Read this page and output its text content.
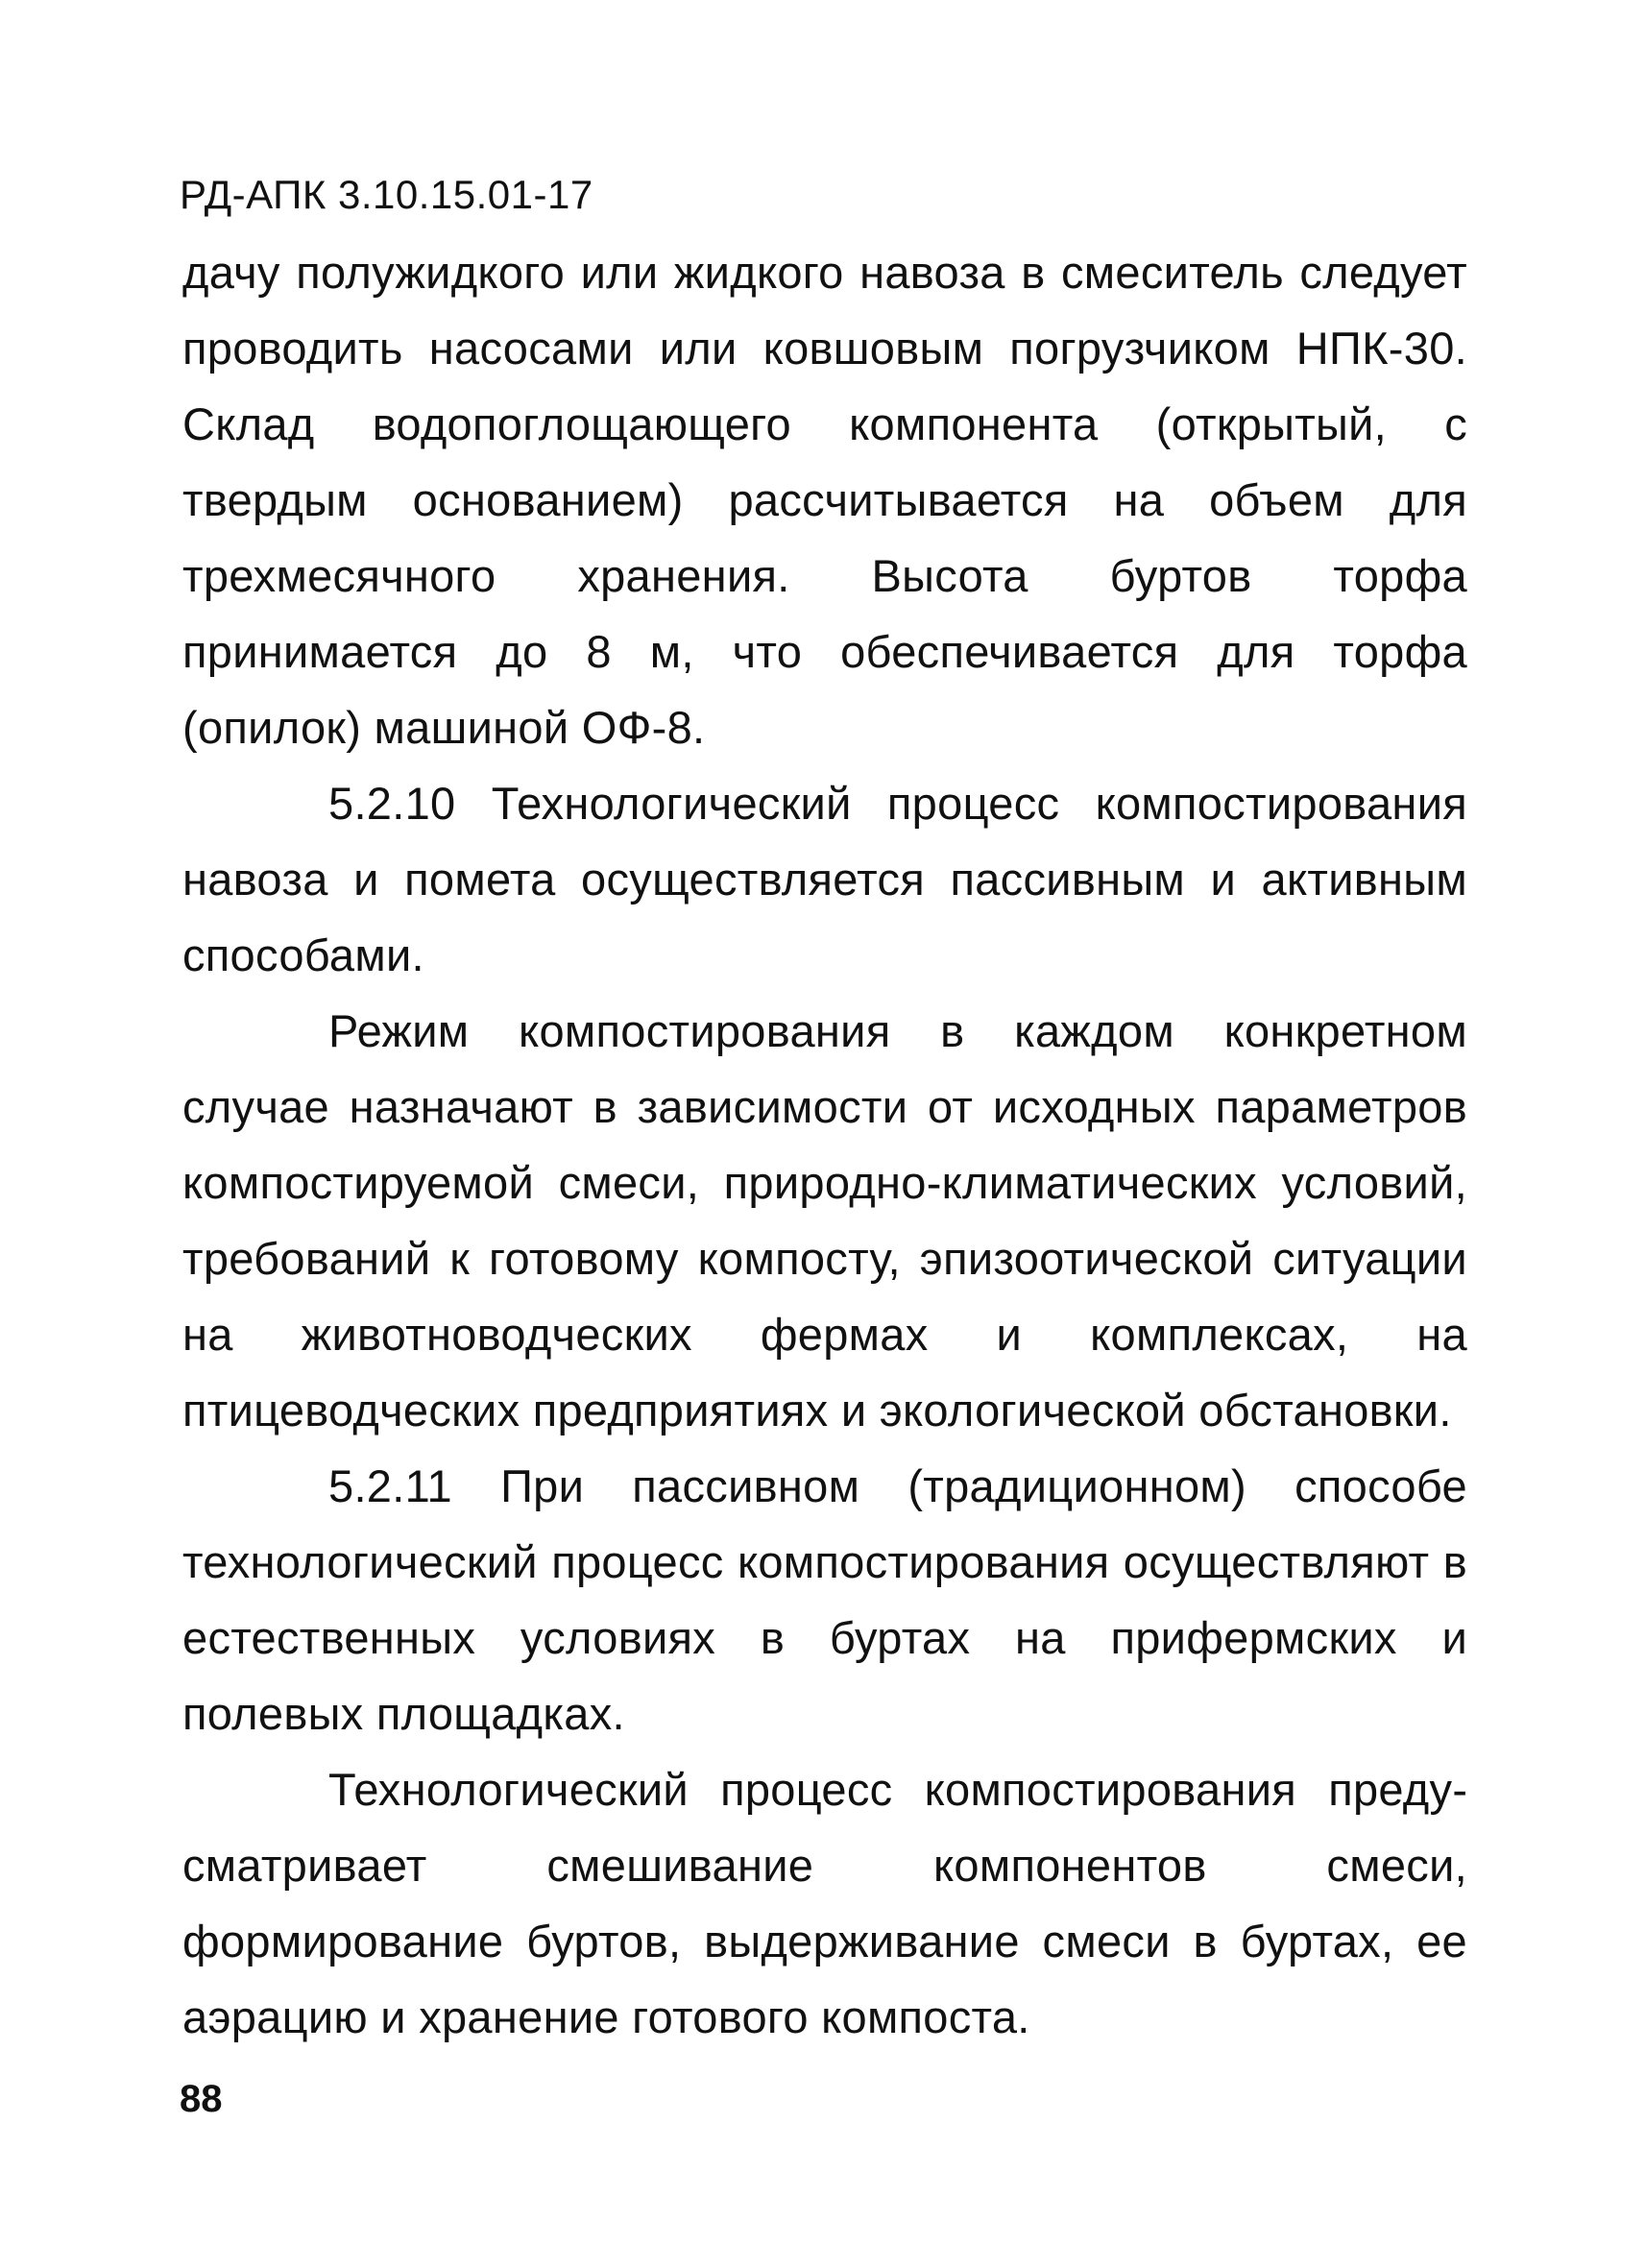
РД-АПК 3.10.15.01-17

дачу полужидкого или жидкого навоза в смеситель следует проводить насосами или ковшовым погрузчиком НПК-30. Склад водопоглощающего компонента (открытый, с твердым основанием) рассчитывается на объем для трехмесячного хранения. Высота буртов торфа принимается до 8 м, что обеспечивается для торфа (опилок) машиной ОФ-8.

5.2.10 Технологический процесс компостирования навоза и помета осуществляется пассивным и активным способами.

Режим компостирования в каждом конкретном случае назначают в зависимости от исходных параметров компостируемой смеси, природно-климатических условий, требований к готовому компосту, эпизоотической ситуации на животноводческих фермах и комплексах, на птицеводческих предприятиях и экологической обстановки.

5.2.11 При пассивном (традиционном) способе технологический процесс компостирования осуществляют в естественных условиях в буртах на прифермских и полевых площадках.

Технологический процесс компостирования предусматривает смешивание компонентов смеси, формирование буртов, выдерживание смеси в буртах, ее аэрацию и хранение готового компоста.

88
